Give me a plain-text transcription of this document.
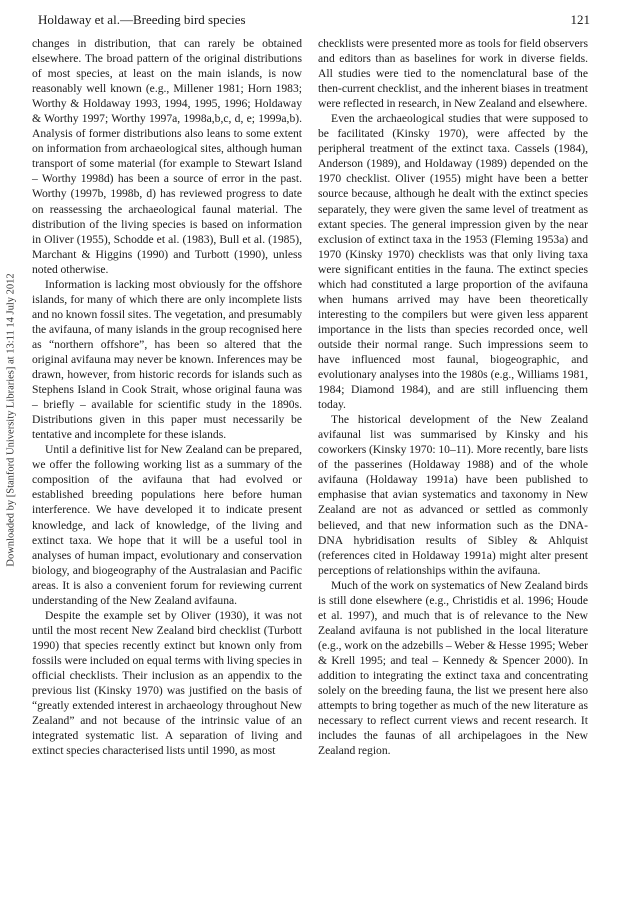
Holdaway et al.—Breeding bird species	121
Downloaded by [Stanford University Libraries] at 13:11 14 July 2012

changes in distribution, that can rarely be obtained elsewhere. The broad pattern of the original distributions of most species, at least on the main islands, is now reasonably well known (e.g., Millener 1981; Horn 1983; Worthy & Holdaway 1993, 1994, 1995, 1996; Holdaway & Worthy 1997; Worthy 1997a, 1998a,b,c, d, e; 1999a,b). Analysis of former distributions also leans to some extent on information from archaeological sites, although human transport of some material (for example to Stewart Island – Worthy 1998d) has been a source of error in the past. Worthy (1997b, 1998b, d) has reviewed progress to date on reassessing the archaeological faunal material. The distribution of the living species is based on information in Oliver (1955), Schodde et al. (1983), Bull et al. (1985), Marchant & Higgins (1990) and Turbott (1990), unless noted otherwise.

Information is lacking most obviously for the offshore islands, for many of which there are only incomplete lists and no known fossil sites. The vegetation, and presumably the avifauna, of many islands in the group recognised here as “northern offshore”, has been so altered that the original avifauna may never be known. Inferences may be drawn, however, from historic records for islands such as Stephens Island in Cook Strait, whose original fauna was – briefly – available for scientific study in the 1890s. Distributions given in this paper must necessarily be tentative and incomplete for these islands.

Until a definitive list for New Zealand can be prepared, we offer the following working list as a summary of the composition of the avifauna that had evolved or established breeding populations here before human interference. We have developed it to indicate present knowledge, and lack of knowledge, of the living and extinct taxa. We hope that it will be a useful tool in analyses of human impact, evolutionary and conservation biology, and biogeography of the Australasian and Pacific areas. It is also a convenient forum for reviewing current understanding of the New Zealand avifauna.

Despite the example set by Oliver (1930), it was not until the most recent New Zealand bird checklist (Turbott 1990) that species recently extinct but known only from fossils were included on equal terms with living species in official checklists. Their inclusion as an appendix to the previous list (Kinsky 1970) was justified on the basis of “greatly extended interest in archaeology throughout New Zealand” and not because of the intrinsic value of an integrated systematic list. A separation of living and extinct species characterised lists until 1990, as most

checklists were presented more as tools for field observers and editors than as baselines for work in diverse fields. All studies were tied to the nomenclatural base of the then-current checklist, and the inherent biases in treatment were reflected in research, in New Zealand and elsewhere.

Even the archaeological studies that were supposed to be facilitated (Kinsky 1970), were affected by the peripheral treatment of the extinct taxa. Cassels (1984), Anderson (1989), and Holdaway (1989) depended on the 1970 checklist. Oliver (1955) might have been a better source because, although he dealt with the extinct species separately, they were given the same level of treatment as extant species. The general impression given by the near exclusion of extinct taxa in the 1953 (Fleming 1953a) and 1970 (Kinsky 1970) checklists was that only living taxa were significant entities in the fauna. The extinct species which had constituted a large proportion of the avifauna when humans arrived may have been theoretically interesting to the compilers but were given less apparent importance in the lists than species recorded once, well outside their normal range. Such impressions seem to have influenced most faunal, biogeographic, and evolutionary analyses into the 1980s (e.g., Williams 1981, 1984; Diamond 1984), and are still influencing them today.

The historical development of the New Zealand avifaunal list was summarised by Kinsky and his coworkers (Kinsky 1970: 10–11). More recently, bare lists of the passerines (Holdaway 1988) and of the whole avifauna (Holdaway 1991a) have been published to emphasise that avian systematics and taxonomy in New Zealand are not as advanced or settled as commonly believed, and that new information such as the DNA-DNA hybridisation results of Sibley & Ahlquist (references cited in Holdaway 1991a) might alter present perceptions of relationships within the avifauna.

Much of the work on systematics of New Zealand birds is still done elsewhere (e.g., Christidis et al. 1996; Houde et al. 1997), and much that is of relevance to the New Zealand avifauna is not published in the local literature (e.g., work on the adzebills – Weber & Hesse 1995; Weber & Krell 1995; and teal – Kennedy & Spencer 2000). In addition to integrating the extinct taxa and concentrating solely on the breeding fauna, the list we present here also attempts to bring together as much of the new literature as necessary to reflect current views and recent research. It includes the faunas of all archipelagoes in the New Zealand region.
